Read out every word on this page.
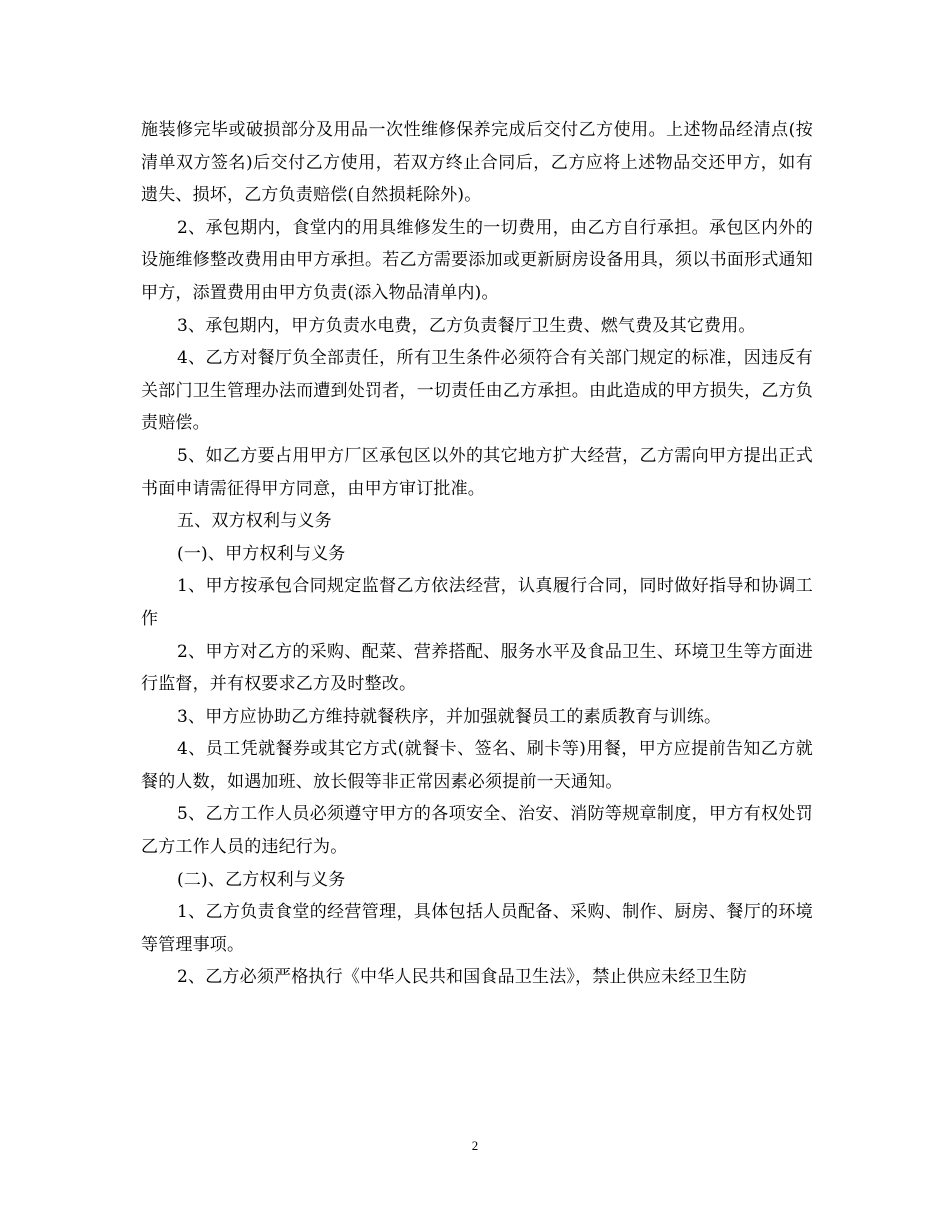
施装修完毕或破损部分及用品一次性维修保养完成后交付乙方使用。上述物品经清点(按清单双方签名)后交付乙方使用，若双方终止合同后，乙方应将上述物品交还甲方，如有遗失、损坏，乙方负责赔偿(自然损耗除外)。

2、承包期内，食堂内的用具维修发生的一切费用，由乙方自行承担。承包区内外的设施维修整改费用由甲方承担。若乙方需要添加或更新厨房设备用具，须以书面形式通知甲方，添置费用由甲方负责(添入物品清单内)。

3、承包期内，甲方负责水电费，乙方负责餐厅卫生费、燃气费及其它费用。

4、乙方对餐厅负全部责任，所有卫生条件必须符合有关部门规定的标准，因违反有关部门卫生管理办法而遭到处罚者，一切责任由乙方承担。由此造成的甲方损失，乙方负责赔偿。

5、如乙方要占用甲方厂区承包区以外的其它地方扩大经营，乙方需向甲方提出正式书面申请需征得甲方同意，由甲方审订批准。

五、双方权利与义务

(一)、甲方权利与义务

1、甲方按承包合同规定监督乙方依法经营，认真履行合同，同时做好指导和协调工作

2、甲方对乙方的采购、配菜、营养搭配、服务水平及食品卫生、环境卫生等方面进行监督，并有权要求乙方及时整改。

3、甲方应协助乙方维持就餐秩序，并加强就餐员工的素质教育与训练。

4、员工凭就餐券或其它方式(就餐卡、签名、刷卡等)用餐，甲方应提前告知乙方就餐的人数，如遇加班、放长假等非正常因素必须提前一天通知。

5、乙方工作人员必须遵守甲方的各项安全、治安、消防等规章制度，甲方有权处罚乙方工作人员的违纪行为。

(二)、乙方权利与义务

1、乙方负责食堂的经营管理，具体包括人员配备、采购、制作、厨房、餐厅的环境等管理事项。

2、乙方必须严格执行《中华人民共和国食品卫生法》，禁止供应未经卫生防

2
